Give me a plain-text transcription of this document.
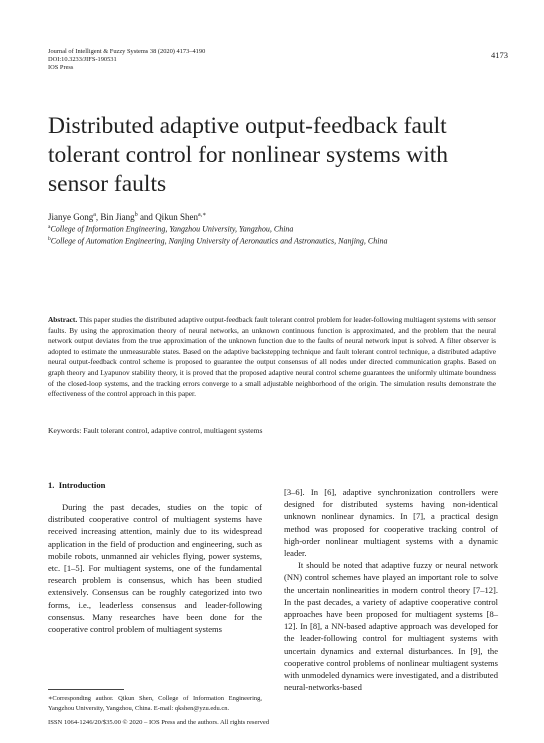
Journal of Intelligent & Fuzzy Systems 38 (2020) 4173–4190
DOI:10.3233/JIFS-190531
IOS Press
4173
Distributed adaptive output-feedback fault tolerant control for nonlinear systems with sensor faults
Jianye Gong$^a$, Bin Jiang$^b$ and Qikun Shen$^{a,∗}$
$^a$College of Information Engineering, Yangzhou University, Yangzhou, China
$^b$College of Automation Engineering, Nanjing University of Aeronautics and Astronautics, Nanjing, China
Abstract. This paper studies the distributed adaptive output-feedback fault tolerant control problem for leader-following multiagent systems with sensor faults. By using the approximation theory of neural networks, an unknown continuous function is approximated, and the problem that the neural network output deviates from the true approximation of the unknown function due to the faults of neural network input is solved. A filter observer is adopted to estimate the unmeasurable states. Based on the adaptive backstepping technique and fault tolerant control technique, a distributed adaptive neural output-feedback control scheme is proposed to guarantee the output consensus of all nodes under directed communication graphs. Based on graph theory and Lyapunov stability theory, it is proved that the proposed adaptive neural control scheme guarantees the uniformly ultimate boundness of the closed-loop systems, and the tracking errors converge to a small adjustable neighborhood of the origin. The simulation results demonstrate the effectiveness of the control approach in this paper.
Keywords: Fault tolerant control, adaptive control, multiagent systems
1. Introduction

During the past decades, studies on the topic of distributed cooperative control of multiagent systems have received increasing attention, mainly due to its widespread application in the field of production and engineering, such as mobile robots, unmanned air vehicles flying, power systems, etc. [1–5]. For multiagent systems, one of the fundamental research problem is consensus, which has been studied extensively. Consensus can be roughly categorized into two forms, i.e., leaderless consensus and leader-following consensus. Many researches have been done for the cooperative control problem of multiagent systems

[3–6]. In [6], adaptive synchronization controllers were designed for distributed systems having non-identical unknown nonlinear dynamics. In [7], a practical design method was proposed for cooperative tracking control of high-order nonlinear multiagent systems with a dynamic leader.

It should be noted that adaptive fuzzy or neural network (NN) control schemes have played an important role to solve the uncertain nonlinearities in modern control theory [7–12]. In the past decades, a variety of adaptive cooperative control approaches have been proposed for multiagent systems [8–12]. In [8], a NN-based adaptive approach was developed for the leader-following control for multiagent systems with uncertain dynamics and external disturbances. In [9], the cooperative control problems of nonlinear multiagent systems with unmodeled dynamics were investigated, and a distributed neural-networks-based

∗Corresponding author. Qikun Shen, College of Information Engineering, Yangzhou University, Yangzhou, China. E-mail: qkshen@yzu.edu.cn.
ISSN 1064-1246/20/$35.00 © 2020 – IOS Press and the authors. All rights reserved
